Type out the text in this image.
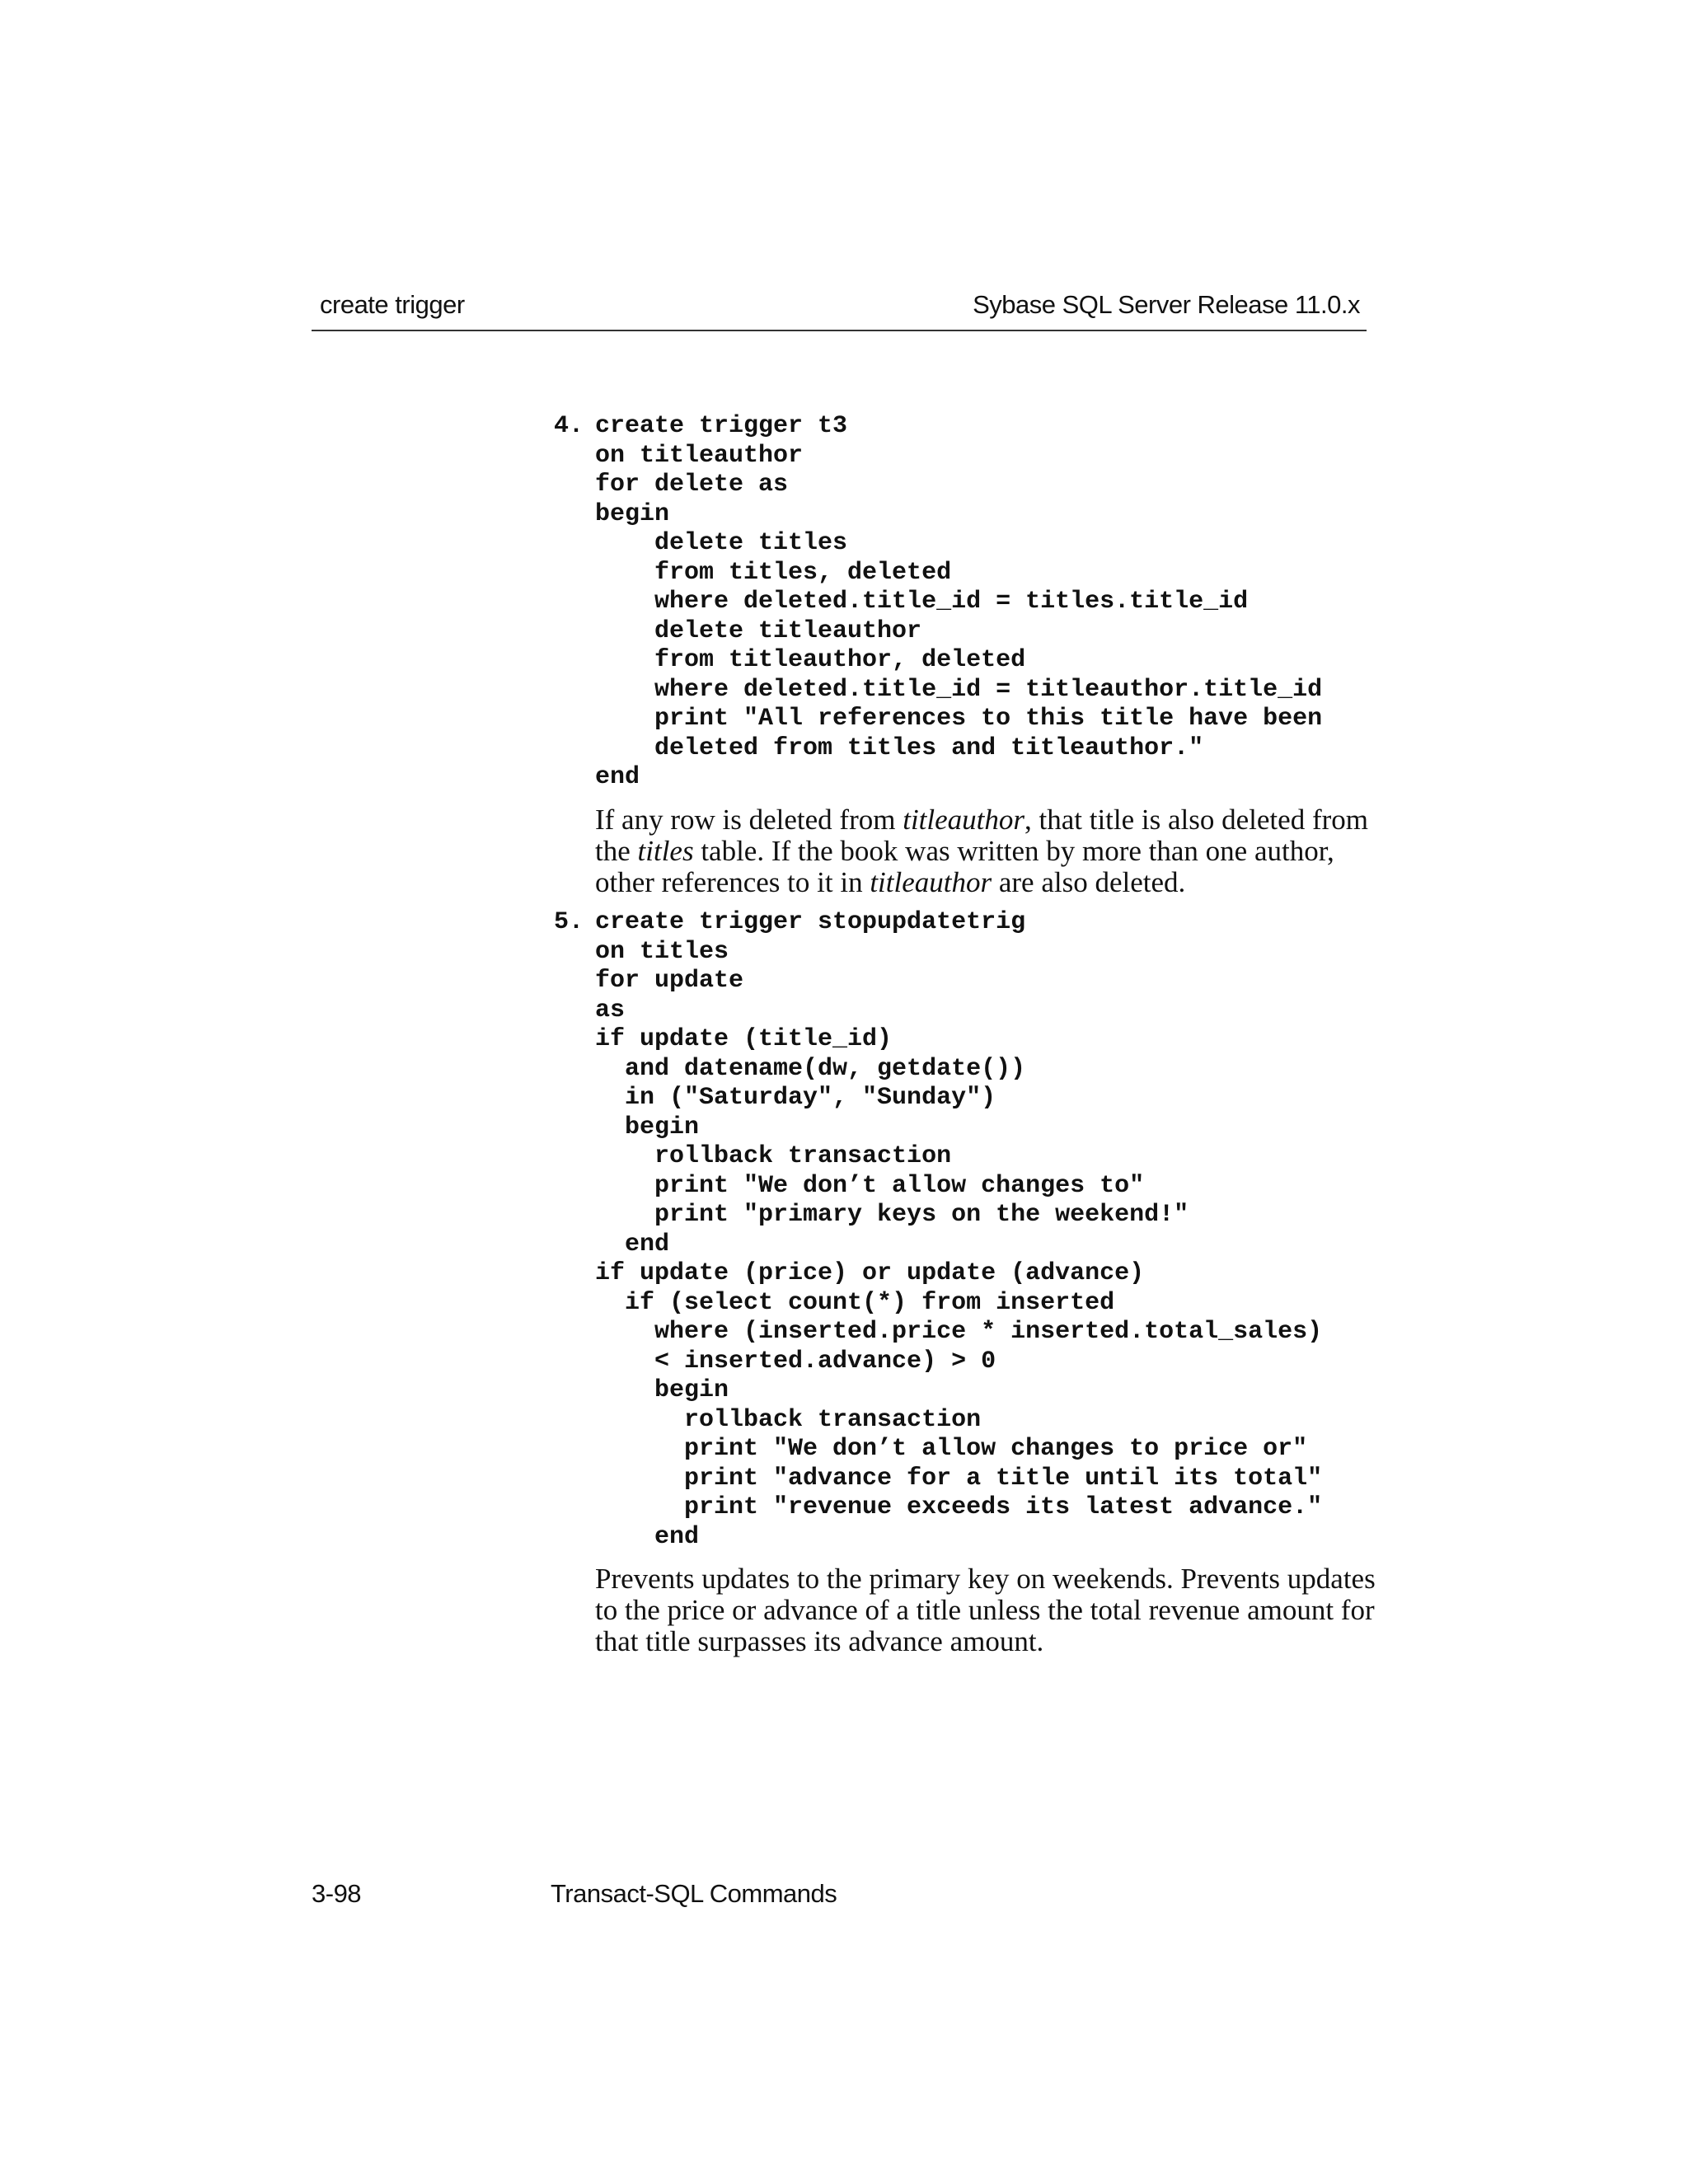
create trigger	Sybase SQL Server Release 11.0.x
4. create trigger t3
on titleauthor
for delete as
begin
delete titles
from titles, deleted
where deleted.title_id = titles.title_id
delete titleauthor
from titleauthor, deleted
where deleted.title_id = titleauthor.title_id
print "All references to this title have been
deleted from titles and titleauthor."
end

If any row is deleted from titleauthor, that title is also deleted from the titles table. If the book was written by more than one author, other references to it in titleauthor are also deleted.

5. create trigger stopupdatetrig
on titles
for update
as
if update (title_id)
and datename(dw, getdate())
in ("Saturday", "Sunday")
begin
rollback transaction
print "We don’t allow changes to"
print "primary keys on the weekend!"
end
if update (price) or update (advance)
if (select count(*) from inserted
where (inserted.price * inserted.total_sales)
< inserted.advance) > 0
begin
rollback transaction
print "We don’t allow changes to price or"
print "advance for a title until its total"
print "revenue exceeds its latest advance."
end

Prevents updates to the primary key on weekends. Prevents updates to the price or advance of a title unless the total revenue amount for that title surpasses its advance amount.

3-98	Transact-SQL Commands
